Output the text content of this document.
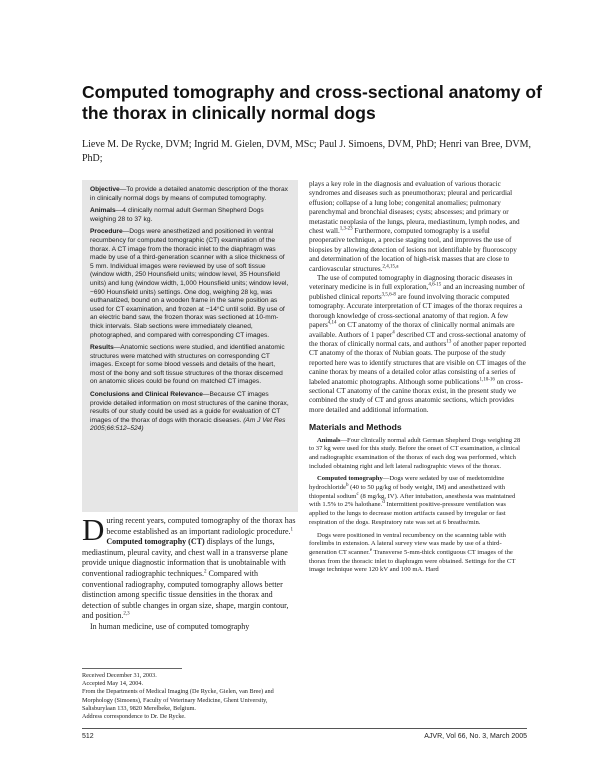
Computed tomography and cross-sectional anatomy of the thorax in clinically normal dogs

Lieve M. De Rycke, DVM; Ingrid M. Gielen, DVM, MSc; Paul J. Simoens, DVM, PhD; Henri van Bree, DVM, PhD;

Objective—To provide a detailed anatomic description of the thorax in clinically normal dogs by means of computed tomography.

Animals—4 clinically normal adult German Shepherd Dogs weighing 28 to 37 kg.

Procedure—Dogs were anesthetized and positioned in ventral recumbency for computed tomographic (CT) examination of the thorax. A CT image from the thoracic inlet to the diaphragm was made by use of a third-generation scanner with a slice thickness of 5 mm. Individual images were reviewed by use of soft tissue (window width, 250 Hounsfield units; window level, 35 Hounsfield units) and lung (window width, 1,000 Hounsfield units; window level, −690 Hounsfield units) settings. One dog, weighing 28 kg, was euthanatized, bound on a wooden frame in the same position as used for CT examination, and frozen at −14°C until solid. By use of an electric band saw, the frozen thorax was sectioned at 10-mm-thick intervals. Slab sections were immediately cleaned, photographed, and compared with corresponding CT images.

Results—Anatomic sections were studied, and identified anatomic structures were matched with structures on corresponding CT images. Except for some blood vessels and details of the heart, most of the bony and soft tissue structures of the thorax discerned on anatomic slices could be found on matched CT images.

Conclusions and Clinical Relevance—Because CT images provide detailed information on most structures of the canine thorax, results of our study could be used as a guide for evaluation of CT images of the thorax of dogs with thoracic diseases. (Am J Vet Res 2005;66:512–524)

During recent years, computed tomography of the thorax has become established as an important radiologic procedure.$^1$ Computed tomography (CT) displays of the lungs, mediastinum, pleural cavity, and chest wall in a transverse plane provide unique diagnostic information that is unobtainable with conventional radiographic techniques.$^2$ Compared with conventional radiography, computed tomography allows better distinction among specific tissue densities in the thorax and detection of subtle changes in organ size, shape, margin contour, and position.$^{2,3}$

In human medicine, use of computed tomography

Received December 31, 2003.
Accepted May 14, 2004.
From the Departments of Medical Imaging (De Rycke, Gielen, van Bree) and Morphology (Simoens), Faculty of Veterinary Medicine, Ghent University, Salisburylaan 133, 9820 Merelbeke, Belgium.
Address correspondence to Dr. De Rycke.

plays a key role in the diagnosis and evaluation of various thoracic syndromes and diseases such as pneumothorax; pleural and pericardial effusion; collapse of a lung lobe; congenital anomalies; pulmonary parenchymal and bronchial diseases; cysts; abscesses; and primary or metastatic neoplasia of the lungs, pleura, mediastinum, lymph nodes, and chest wall.$^{1,3-23}$ Furthermore, computed tomography is a useful preoperative technique, a precise staging tool, and improves the use of biopsies by allowing detection of lesions not identifiable by fluoroscopy and determination of the location of high-risk masses that are close to cardiovascular structures.$^{2,4,15,a}$

The use of computed tomography in diagnosing thoracic diseases in veterinary medicine is in full exploration,$^{4,6-15}$ and an increasing number of published clinical reports$^{3,5,6-8}$ are found involving thoracic computed tomography. Accurate interpretation of CT images of the thorax requires a thorough knowledge of cross-sectional anatomy of that region. A few papers$^{4,14}$ on CT anatomy of the thorax of clinically normal animals are available. Authors of 1 paper$^4$ described CT and cross-sectional anatomy of the thorax of clinically normal cats, and authors$^{13}$ of another paper reported CT anatomy of the thorax of Nubian goats. The purpose of the study reported here was to identify structures that are visible on CT images of the canine thorax by means of a detailed color atlas consisting of a series of labeled anatomic photographs. Although some publications$^{1,10-16}$ on cross-sectional CT anatomy of the canine thorax exist, in the present study we combined the study of CT and gross anatomic sections, which provides more detailed and additional information.

Materials and Methods

Animals—Four clinically normal adult German Shepherd Dogs weighing 28 to 37 kg were used for this study. Before the onset of CT examination, a clinical and radiographic examination of the thorax of each dog was performed, which included obtaining right and left lateral radiographic views of the thorax.

Computed tomography—Dogs were sedated by use of medetomidine hydrochloride$^b$ (40 to 50 µg/kg of body weight, IM) and anesthetized with thiopental sodium$^c$ (8 mg/kg, IV). After intubation, anesthesia was maintained with 1.5% to 2% halothane.$^d$ Intermittent positive-pressure ventilation was applied to the lungs to decrease motion artifacts caused by irregular or fast respiration of the dogs. Respiratory rate was set at 6 breaths/min.

Dogs were positioned in ventral recumbency on the scanning table with forelimbs in extension. A lateral survey view was made by use of a third-generation CT scanner.$^e$ Transverse 5-mm-thick contiguous CT images of the thorax from the thoracic inlet to diaphragm were obtained. Settings for the CT image technique were 120 kV and 100 mA. Hard

512	AJVR, Vol 66, No. 3, March 2005
